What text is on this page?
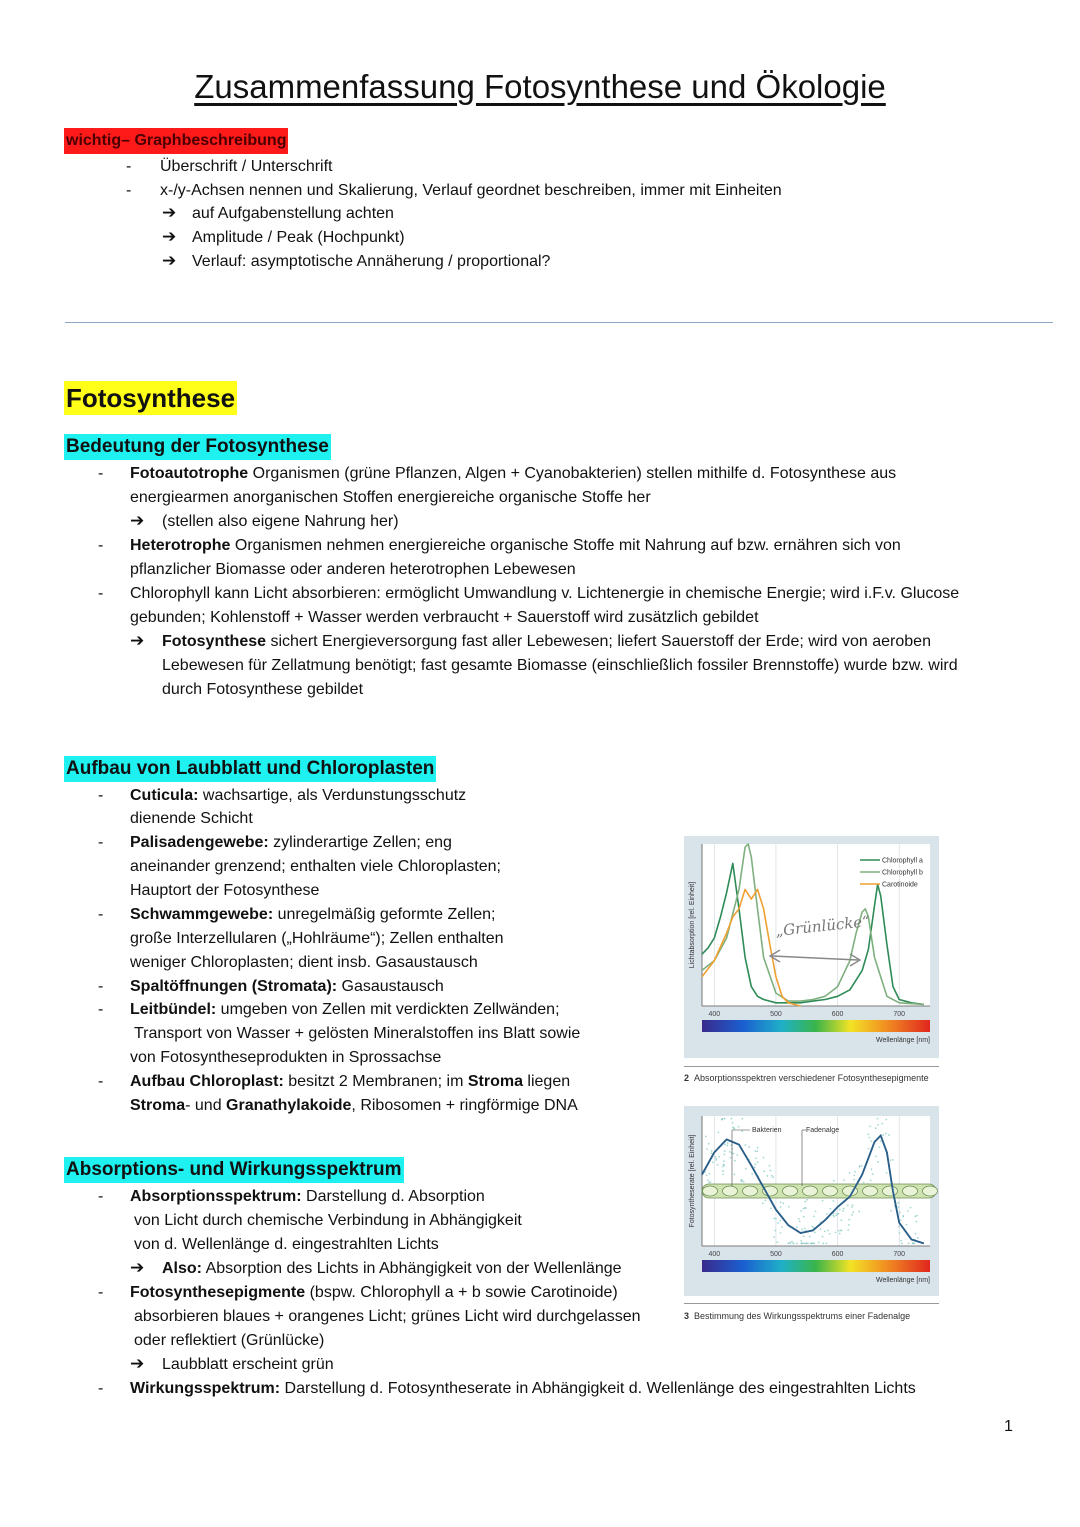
Zusammenfassung Fotosynthese und Ökologie
wichtig– Graphbeschreibung
- Überschrift / Unterschrift
- x-/y-Achsen nennen und Skalierung, Verlauf geordnet beschreiben, immer mit Einheiten
➔ auf Aufgabenstellung achten
➔ Amplitude / Peak (Hochpunkt)
➔ Verlauf: asymptotische Annäherung / proportional?
Fotosynthese
Bedeutung der Fotosynthese
- Fotoautotrophe Organismen (grüne Pflanzen, Algen + Cyanobakterien) stellen mithilfe d. Fotosynthese aus
energiearmen anorganischen Stoffen energiereiche organische Stoffe her
➔ (stellen also eigene Nahrung her)
- Heterotrophe Organismen nehmen energiereiche organische Stoffe mit Nahrung auf bzw. ernähren sich von
pflanzlicher Biomasse oder anderen heterotrophen Lebewesen
- Chlorophyll kann Licht absorbieren: ermöglicht Umwandlung v. Lichtenergie in chemische Energie; wird i.F.v. Glucose
gebunden; Kohlenstoff + Wasser werden verbraucht + Sauerstoff wird zusätzlich gebildet
➔ Fotosynthese sichert Energieversorgung fast aller Lebewesen; liefert Sauerstoff der Erde; wird von aeroben
Lebewesen für Zellatmung benötigt; fast gesamte Biomasse (einschließlich fossiler Brennstoffe) wurde bzw. wird
durch Fotosynthese gebildet
Aufbau von Laubblatt und Chloroplasten
- Cuticula: wachsartige, als Verdunstungsschutz
dienende Schicht
- Palisadengewebe: zylinderartige Zellen; eng
aneinander grenzend; enthalten viele Chloroplasten;
Hauptort der Fotosynthese
- Schwammgewebe: unregelmäßig geformte Zellen;
große Interzellularen („Hohlräume“); Zellen enthalten
weniger Chloroplasten; dient insb. Gasaustausch
- Spaltöffnungen (Stromata): Gasaustausch
- Leitbündel: umgeben von Zellen mit verdickten Zellwänden;
Transport von Wasser + gelösten Mineralstoffen ins Blatt sowie
von Fotosyntheseprodukten in Sprossachse
- Aufbau Chloroplast: besitzt 2 Membranen; im Stroma liegen
Stroma- und Granathylakoide, Ribosomen + ringförmige DNA
Absorptions- und Wirkungsspektrum
- Absorptionsspektrum: Darstellung d. Absorption
von Licht durch chemische Verbindung in Abhängigkeit
von d. Wellenlänge d. eingestrahlten Lichts
➔ Also: Absorption des Lichts in Abhängigkeit von der Wellenlänge
- Fotosynthesepigmente (bspw. Chlorophyll a + b sowie Carotinoide)
absorbieren blaues + orangenes Licht; grünes Licht wird durchgelassen
oder reflektiert (Grünlücke)
➔ Laubblatt erscheint grün
- Wirkungsspektrum: Darstellung d. Fotosyntheserate in Abhängigkeit d. Wellenlänge des eingestrahlten Lichts
400	500	600	700
Wellenlänge [nm]
Lichtabsorption [rel. Einheit]
Chlorophyll a
Chlorophyll b
Carotinoide
„Grünlücke“
2 Absorptionsspektren verschiedener Fotosynthesepigmente
400	500	600	700
Wellenlänge [nm]
Fotosyntheserate [rel. Einheit]
Bakterien	Fadenalge
3 Bestimmung des Wirkungsspektrums einer Fadenalge
1
